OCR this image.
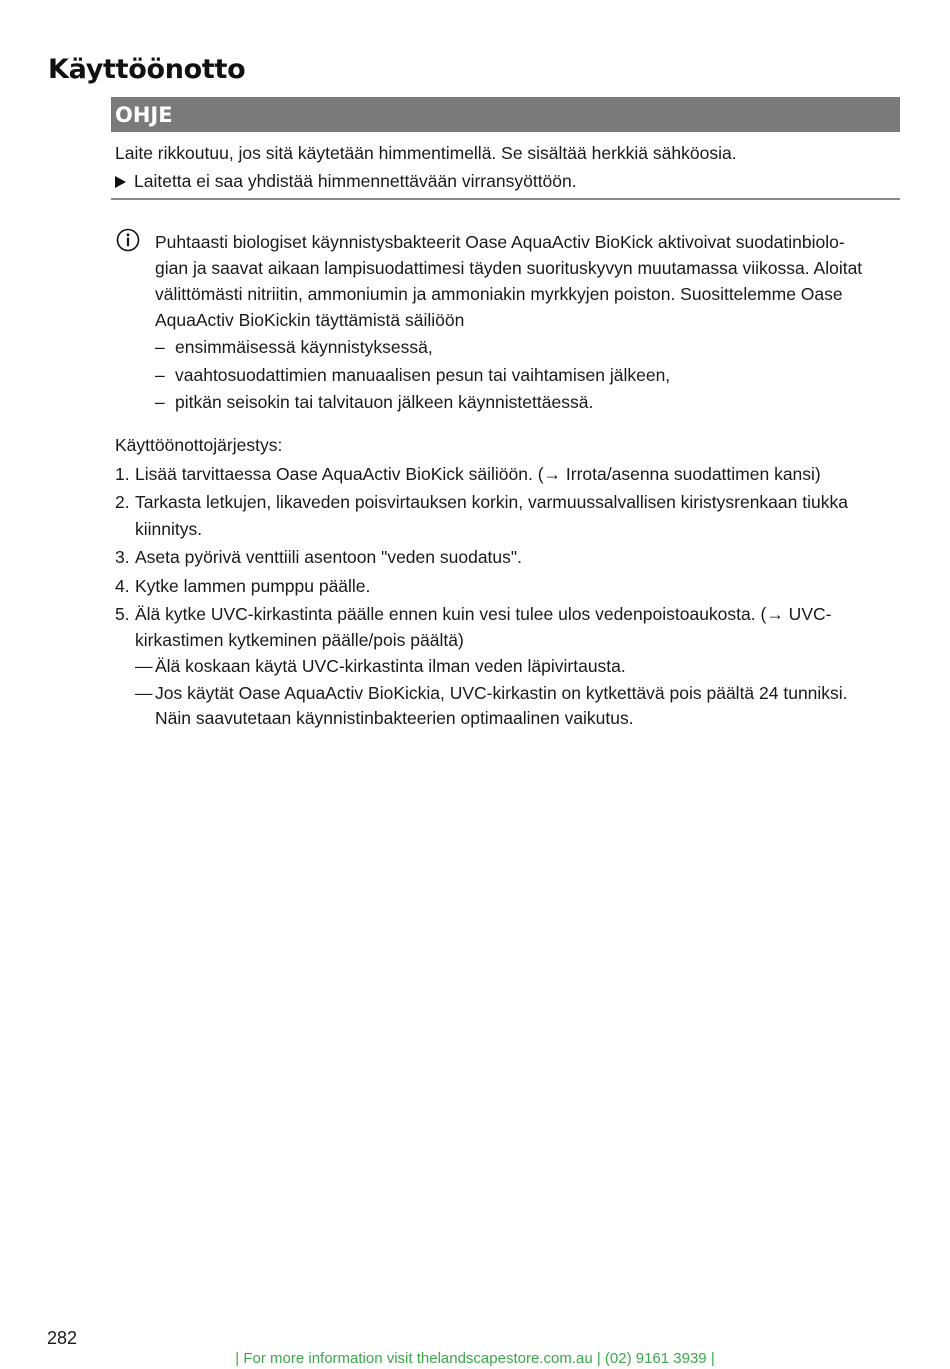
Käyttöönotto
OHJE
Laite rikkoutuu, jos sitä käytetään himmentimellä. Se sisältää herkkiä sähköosia.
Laitetta ei saa yhdistää himmennettävään virransyöttöön.
Puhtaasti biologiset käynnistysbakteerit Oase AquaActiv BioKick aktivoivat suodatinbiolo-
gian ja saavat aikaan lampisuodattimesi täyden suorituskyvyn muutamassa viikossa. Aloitat
välittömästi nitriitin, ammoniumin ja ammoniakin myrkkyjen poiston. Suosittelemme Oase
AquaActiv BioKickin täyttämistä säiliöön
– ensimmäisessä käynnistyksessä,
– vaahtosuodattimien manuaalisen pesun tai vaihtamisen jälkeen,
– pitkän seisokin tai talvitauon jälkeen käynnistettäessä.
Käyttöönottojärjestys:
1. Lisää tarvittaessa Oase AquaActiv BioKick säiliöön. (→ Irrota/asenna suodattimen kansi)
2. Tarkasta letkujen, likaveden poisvirtauksen korkin, varmuussalvallisen kiristysrenkaan tiukka
kiinnitys.
3. Aseta pyörivä venttiili asentoon "veden suodatus".
4. Kytke lammen pumppu päälle.
5. Älä kytke UVC-kirkastinta päälle ennen kuin vesi tulee ulos vedenpoistoaukosta. (→ UVC-
kirkastimen kytkeminen päälle/pois päältä)
— Älä koskaan käytä UVC-kirkastinta ilman veden läpivirtausta.
— Jos käytät Oase AquaActiv BioKickia, UVC-kirkastin on kytkettävä pois päältä 24 tunniksi.
Näin saavutetaan käynnistinbakteerien optimaalinen vaikutus.
282
| For more information visit thelandscapestore.com.au | (02) 9161 3939 |
